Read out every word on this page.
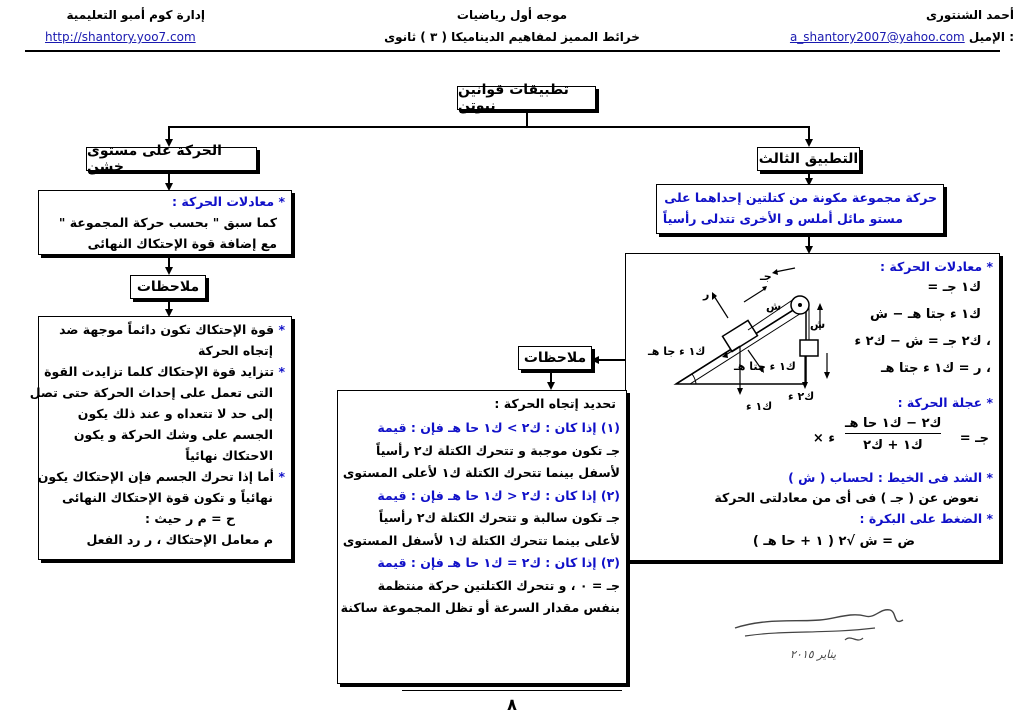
أحمد الشنتورى
a_shantory2007@yahoo.com الإميل :
موجه أول رياضيات
خرائط المميز لمفاهيم الديناميكا ( ٣ ) ثانوى
إدارة كوم أمبو التعليمية
http://shantory.yoo7.com
تطبيقات قوانين نيوتن
الحركة على مستوى خشن
* معادلات الحركة :
كما سبق " بحسب حركة المجموعة "
مع إضافة قوة الإحتكاك النهائى
ملاحظات
* قوة الإحتكاك تكون دائماً موجهة ضد
إتجاه الحركة
* تتزايد قوة الإحتكاك كلما تزايدت القوة
التى تعمل على إحداث الحركة حتى تصل
إلى حد لا تتعداه و عند ذلك يكون
الجسم على وشك الحركة و يكون
الاحتكاك نهائياً
* أما إذا تحرك الجسم فإن الإحتكاك يكون
نهائياً و تكون قوة الإحتكاك النهائى
ح = م ر حيث :
م معامل الإحتكاك ، ر رد الفعل
التطبيق الثالث
حركة مجموعة مكونة من كتلتين إحداهما على
مستو مائل أملس و الأخرى تتدلى رأسياً
* معادلات الحركة :
ك١ جـ =
ك١ ء جتا هـ − ش
، ك٢ جـ = ش − ك٢ ء
، ر = ك١ ء جتا هـ
* عجلة الحركة :
جـ =
ك٢ − ك١ حا هـ
ك١ + ك٢
× ء
* الشد فى الخيط : لحساب ( ش )
نعوض عن ( جـ ) فى أى من معادلتى الحركة
* الضغط على البكرة :
ض = ش √٢ ( ١ + حا هـ )
ر
جـ
ش
ش
ك١ ء جا هـ
ك١ ء جتا هـ
ك١ ء
ك٢ ء
ملاحظات
تحديد إتجاه الحركة :
(١) إذا كان : ك٢ > ك١ حا هـ فإن : قيمة
جـ تكون موجبة و تتحرك الكتلة ك٢ رأسياً
لأسفل بينما تتحرك الكتلة ك١ لأعلى المستوى
(٢) إذا كان : ك٢ < ك١ حا هـ فإن : قيمة
جـ تكون سالبة و تتحرك الكتلة ك٢ رأسياً
لأعلى بينما تتحرك الكتلة ك١ لأسفل المستوى
(٣) إذا كان : ك٢ = ك١ حا هـ فإن : قيمة
جـ = ٠ ، و تتحرك الكتلتين حركة منتظمة
بنفس مقدار السرعة أو تظل المجموعة ساكنة
يناير ٢٠١٥
٨
